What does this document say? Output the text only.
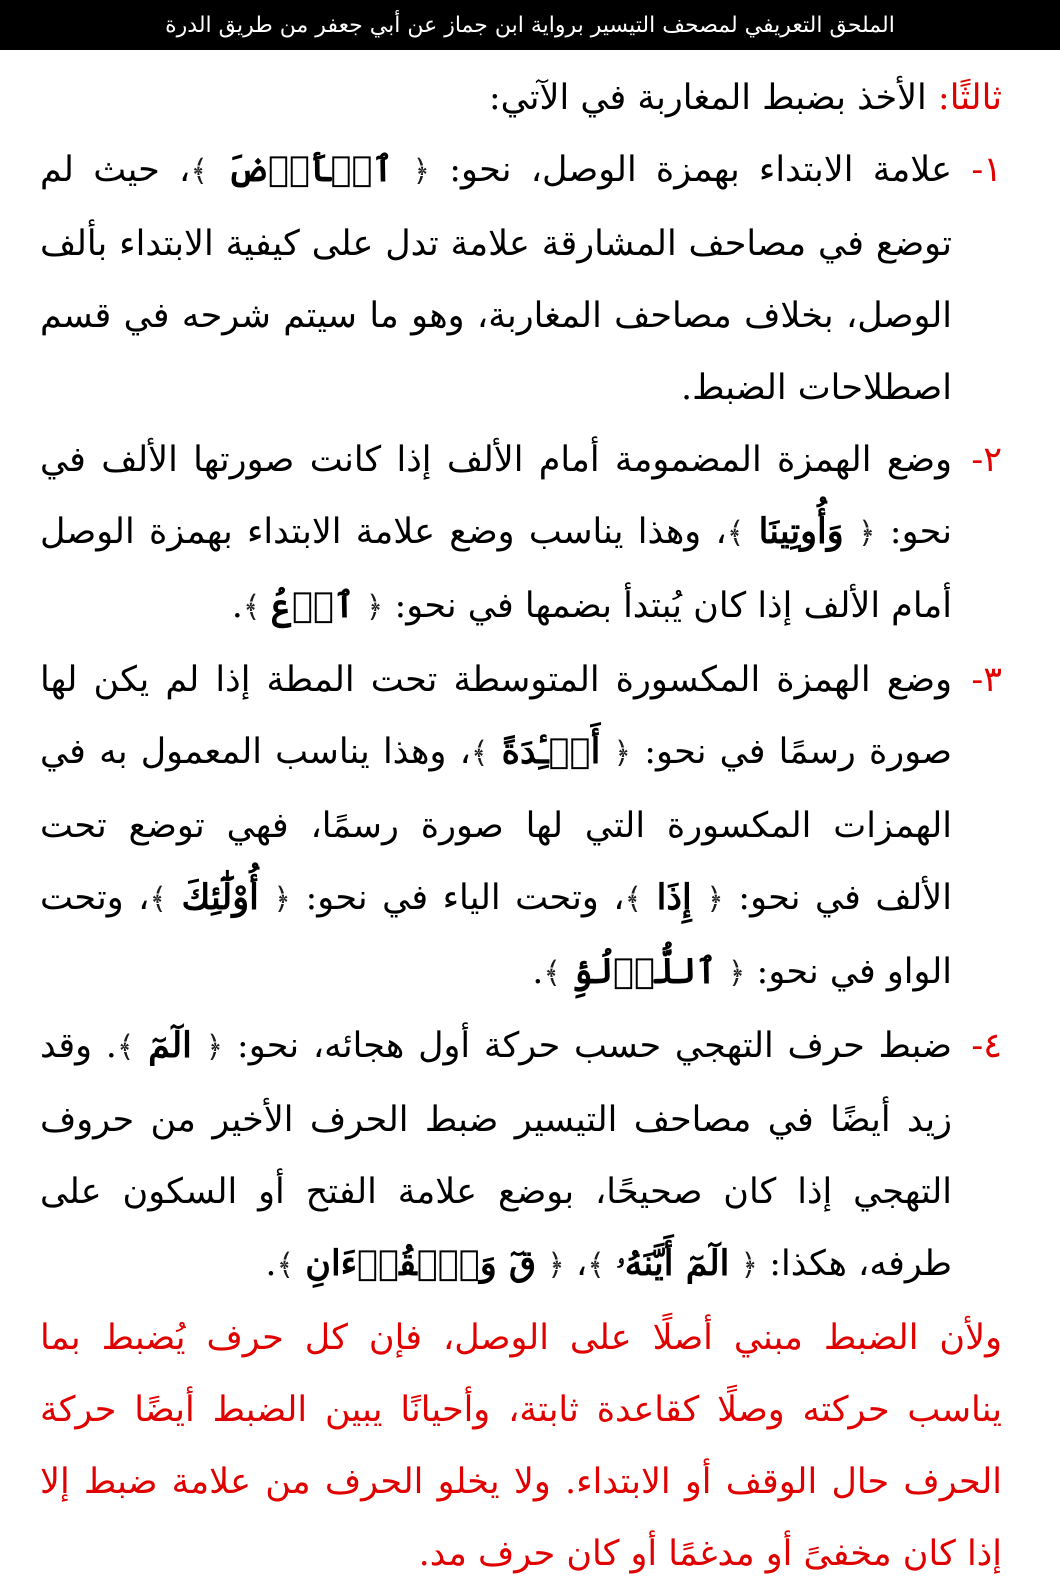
الملحق التعريفي لمصحف التيسير برواية ابن جماز عن أبي جعفر من طريق الدرة

ثالثًا: الأخذ بضبط المغاربة في الآتي:

١-

علامة الابتداء بهمزة الوصل، نحو: ﴿ ٱلۡأَرۡضَ ﴾، حيث لم توضع في مصاحف المشارقة علامة تدل على كيفية الابتداء بألف الوصل، بخلاف مصاحف المغاربة، وهو ما سيتم شرحه في قسم اصطلاحات الضبط.

٢-

وضع الهمزة المضمومة أمام الألف إذا كانت صورتها الألف في نحو: ﴿ وَأُوتِينَا ﴾، وهذا يناسب وضع علامة الابتداء بهمزة الوصل أمام الألف إذا كان يُبتدأ بضمها في نحو: ﴿ ٱدۡعُ ﴾.

٣-

وضع الهمزة المكسورة المتوسطة تحت المطة إذا لم يكن لها صورة رسمًا في نحو: ﴿ أَفۡـِٔدَةً ﴾، وهذا يناسب المعمول به في الهمزات المكسورة التي لها صورة رسمًا، فهي توضع تحت الألف في نحو: ﴿ إِذَا ﴾، وتحت الياء في نحو: ﴿ أُوْلَٰٓئِكَ ﴾، وتحت الواو في نحو: ﴿ ٱللُّؤۡلُؤِ ﴾.

٤-

ضبط حرف التهجي حسب حركة أول هجائه، نحو: ﴿ الٓمٓ ﴾. وقد زيد أيضًا في مصاحف التيسير ضبط الحرف الأخير من حروف التهجي إذا كان صحيحًا، بوضع علامة الفتح أو السكون على طرفه، هكذا: ﴿ الٓمٓ أَيَّنَهُۥ ﴾، ﴿ قٓ وَٱلۡقُرۡءَانِ ﴾.

ولأن الضبط مبني أصلًا على الوصل، فإن كل حرف يُضبط بما يناسب حركته وصلًا كقاعدة ثابتة، وأحيانًا يبين الضبط أيضًا حركة الحرف حال الوقف أو الابتداء. ولا يخلو الحرف من علامة ضبط إلا إذا كان مخفىً أو مدغمًا أو كان حرف مد.
